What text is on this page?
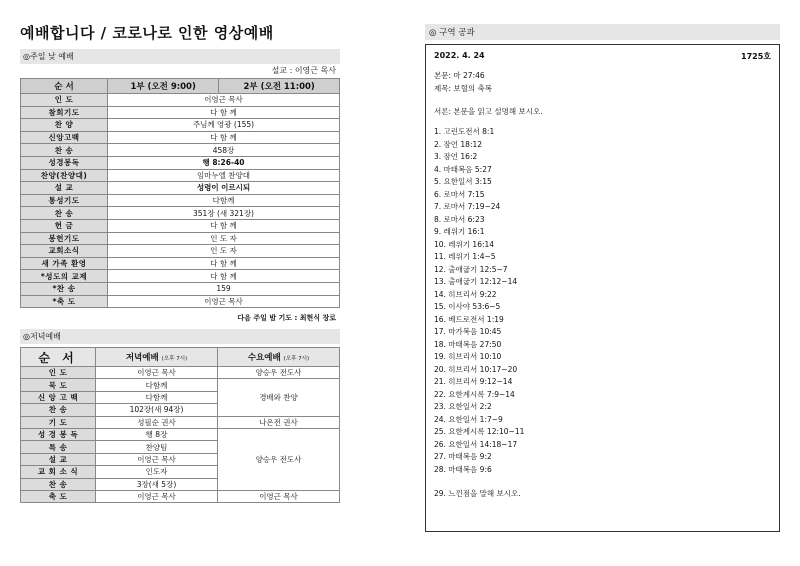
예배합니다 / 코로나로 인한 영상예배
◎주일 낮 예배
설교 : 이영근 목사
순 서	1부 (오전 9:00)	2부 (오전 11:00)
인 도	이영근 목사	
참회기도	다 함 께	
찬 양	주님께 영광 (155)	
신앙고백	다 함 께	
찬 송	458장	
성경봉독	행 8:26-40	
찬양(찬양대)	임마누엘 찬양대	
설 교	성령이 이르시되	
통성기도	다함께	
찬 송	351장 (새 321장)	
헌 금	다 함 께	
봉헌기도	인 도 자	
교회소식	인 도 자	
새 가족 환영	다 함 께	
*성도의 교제	다 함 께	
*찬 송	159	
*축 도	이영근 목사	
다음 주일 밤 기도 : 최현식 장로
◎저녁예배
순 서	저녁예배 (오후 7시)	수요예배 (오후 7시)
인 도	이영근 목사	양승우 전도사
묵 도	다함께	경배와 찬양
신 앙 고 백	다함께	
찬 송	102장(새 94장)	
기 도	성필순 권사	나온전 권사
성 경 봉 독	행 8장	양승우 전도사
특 송	찬양팀	
설 교	이영근 목사	
교 회 소 식	인도자	
찬 송	3장(새 5장)	
축 도	이영근 목사	이영근 목사
◎ 구역 공과
2022. 4. 24	1725호
본문: 마 27:46
제목: 보혈의 축복
서론: 본문을 읽고 설명해 보시오.
1. 고린도전서 8:1
2. 잠언 18:12
3. 잠언 16:2
4. 마태복음 5:27
5. 요한일서 3:15
6. 로마서 7:15
7. 로마서 7:19~24
8. 로마서 6:23
9. 레위기 16:1
10. 레위기 16:14
11. 레위기 1:4~5
12. 출애굽기 12:5~7
13. 출애굽기 12:12~14
14. 히브리서 9:22
15. 이사야 53:6~5
16. 베드로전서 1:19
17. 마가복음 10:45
18. 마태복음 27:50
19. 히브리서 10:10
20. 히브리서 10:17~20
21. 히브리서 9:12~14
22. 요한계시록 7:9~14
23. 요한일서 2:2
24. 요한일서 1:7~9
25. 요한계시록 12:10~11
26. 요한일서 14:18~17
27. 마태복음 9:2
28. 마태복음 9:6
29. 느낀점을 말해 보시오.
